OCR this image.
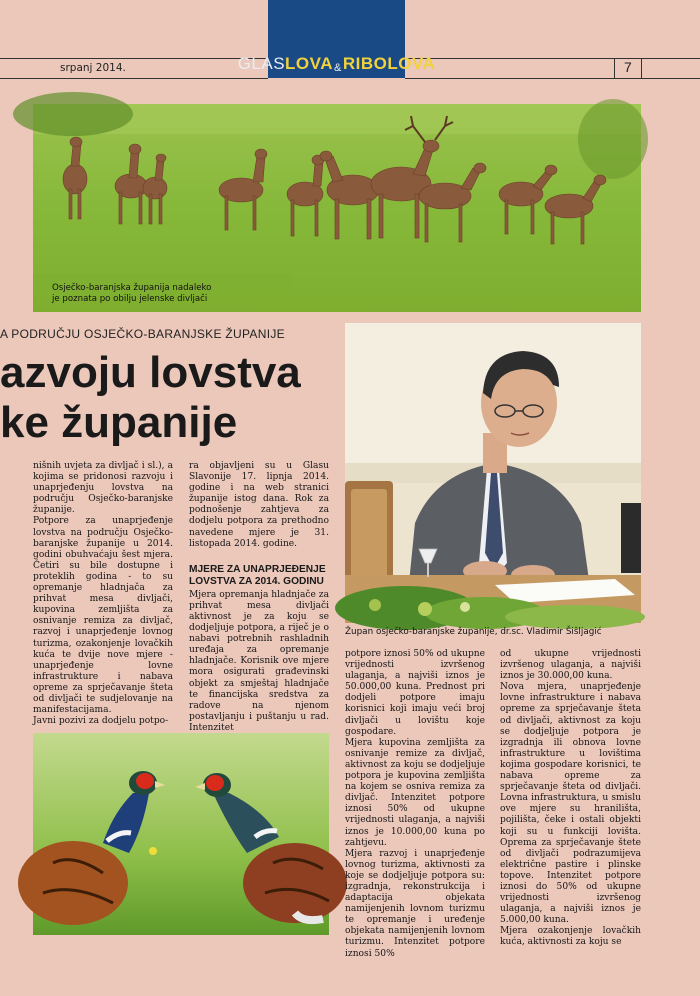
GLAS LOVA & RIBOLOVA
srpanj 2014.	7
Osječko-baranjska županija nadaleko
je poznata po obilju jelenske divljači
A PODRUČJU OSJEČKO-BARANJSKE ŽUPANIJE
azvoju lovstva
ke županije
Župan osječko-baranjske županije, dr.sc. Vladimir Šišljagić

nišnih uvjeta za divljač i sl.), a kojima se pridonosi razvoju i unaprjeđenju lovstva na području Osječko-baranjske županije.

Potpore za unaprjeđenje lovstva na području Osječko-baranjske županije u 2014. godini obuhvaćaju šest mjera. Četiri su bile dostupne i proteklih godina - to su opremanje hladnjača za prihvat mesa divljači, kupovina zemljišta za osnivanje remiza za divljač, razvoj i unaprjeđenje lovnog turizma, ozakonjenje lovačkih kuća te dvije nove mjere - unaprjeđenje lovne infrastrukture i nabava opreme za sprječavanje šteta od divljači te sudjelovanje na manifestacijama.

Javni pozivi za dodjelu potpo-

ra objavljeni su u Glasu Slavonije 17. lipnja 2014. godine i na web stranici županije istog dana. Rok za podnošenje zahtjeva za dodjelu potpora za prethodno navedene mjere je 31. listopada 2014. godine.

MJERE ZA UNAPRJEĐENJE
LOVSTVA ZA 2014. GODINU

Mjera opremanja hladnjače za prihvat mesa divljači aktivnost je za koju se dodjeljuje potpora, a riječ je o nabavi potrebnih rashladnih uređaja za opremanje hladnjače. Korisnik ove mjere mora osigurati građevinski objekt za smještaj hladnjače te financijska sredstva za radove na njenom postavljanju i puštanju u rad. Intenzitet

potpore iznosi 50% od ukupne vrijednosti izvršenog ulaganja, a najviši iznos je 50.000,00 kuna. Prednost pri dodjeli potpore imaju korisnici koji imaju veći broj divljači u lovištu koje gospodare.

Mjera kupovina zemljišta za osnivanje remize za divljač, aktivnost za koju se dodjeljuje potpora je kupovina zemljišta na kojem se osniva remiza za divljač. Intenzitet potpore iznosi 50% od ukupne vrijednosti ulaganja, a najviši iznos je 10.000,00 kuna po zahtjevu.

Mjera razvoj i unaprjeđenje lovnog turizma, aktivnosti za koje se dodjeljuje potpora su: izgradnja, rekonstrukcija i adaptacija objekata namijenjenih lovnom turizmu te opremanje i uređenje objekata namijenjenih lovnom turizmu. Intenzitet potpore iznosi 50%

od ukupne vrijednosti izvršenog ulaganja, a najviši iznos je 30.000,00 kuna.

Nova mjera, unaprjeđenje lovne infrastrukture i nabava opreme za sprječavanje šteta od divljači, aktivnost za koju se dodjeljuje potpora je izgradnja ili obnova lovne infrastrukture u lovištima kojima gospodare korisnici, te nabava opreme za sprječavanje šteta od divljači. Lovna infrastruktura, u smislu ove mjere su hranilišta, pojilišta, čeke i ostali objekti koji su u funkciji lovišta. Oprema za sprječavanje štete od divljači podrazumijeva električne pastire i plinske topove. Intenzitet potpore iznosi do 50% od ukupne vrijednosti izvršenog ulaganja, a najviši iznos je 5.000,00 kuna.

Mjera ozakonjenje lovačkih kuća, aktivnosti za koju se
